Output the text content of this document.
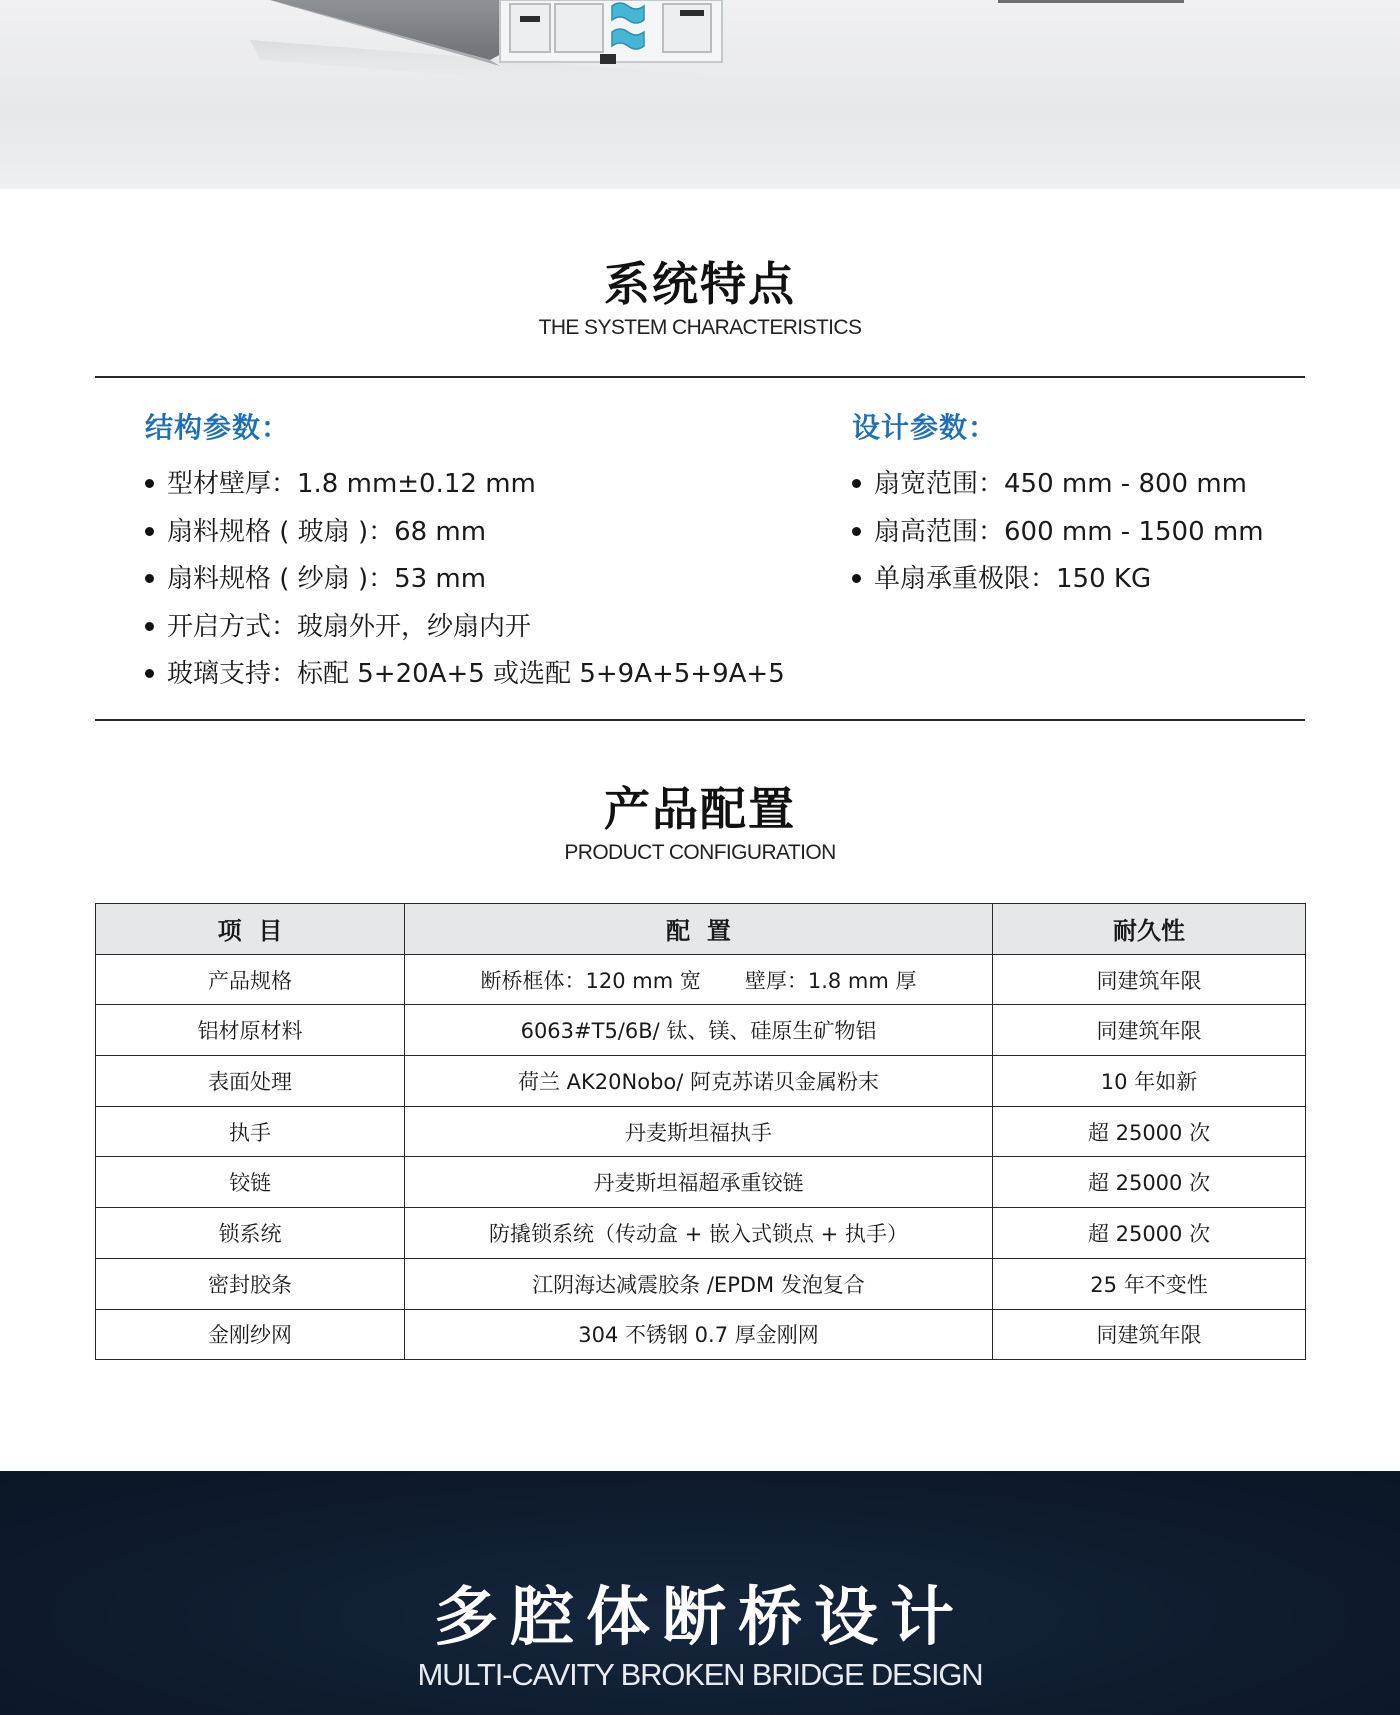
系统特点
THE SYSTEM CHARACTERISTICS
结构参数：
型材壁厚：1.8 mm±0.12 mm
扇料规格 ( 玻扇 )：68 mm
扇料规格 ( 纱扇 )：53 mm
开启方式：玻扇外开，纱扇内开
玻璃支持：标配 5+20A+5 或选配 5+9A+5+9A+5
设计参数：
扇宽范围：450 mm - 800 mm
扇高范围：600 mm - 1500 mm
单扇承重极限：150 KG
产品配置
PRODUCT CONFIGURATION
项  目	配  置	耐久性
产品规格	断桥框体：120 mm 宽 壁厚：1.8 mm 厚	同建筑年限
铝材原材料	6063#T5/6B/ 钛、镁、硅原生矿物铝	同建筑年限
表面处理	荷兰 AK20Nobo/ 阿克苏诺贝金属粉末	10 年如新
执手	丹麦斯坦福执手	超 25000 次
铰链	丹麦斯坦福超承重铰链	超 25000 次
锁系统	防撬锁系统（传动盒 + 嵌入式锁点 + 执手）	超 25000 次
密封胶条	江阴海达减震胶条 /EPDM 发泡复合	25 年不变性
金刚纱网	304 不锈钢 0.7 厚金刚网	同建筑年限
多腔体断桥设计
MULTI-CAVITY BROKEN BRIDGE DESIGN
